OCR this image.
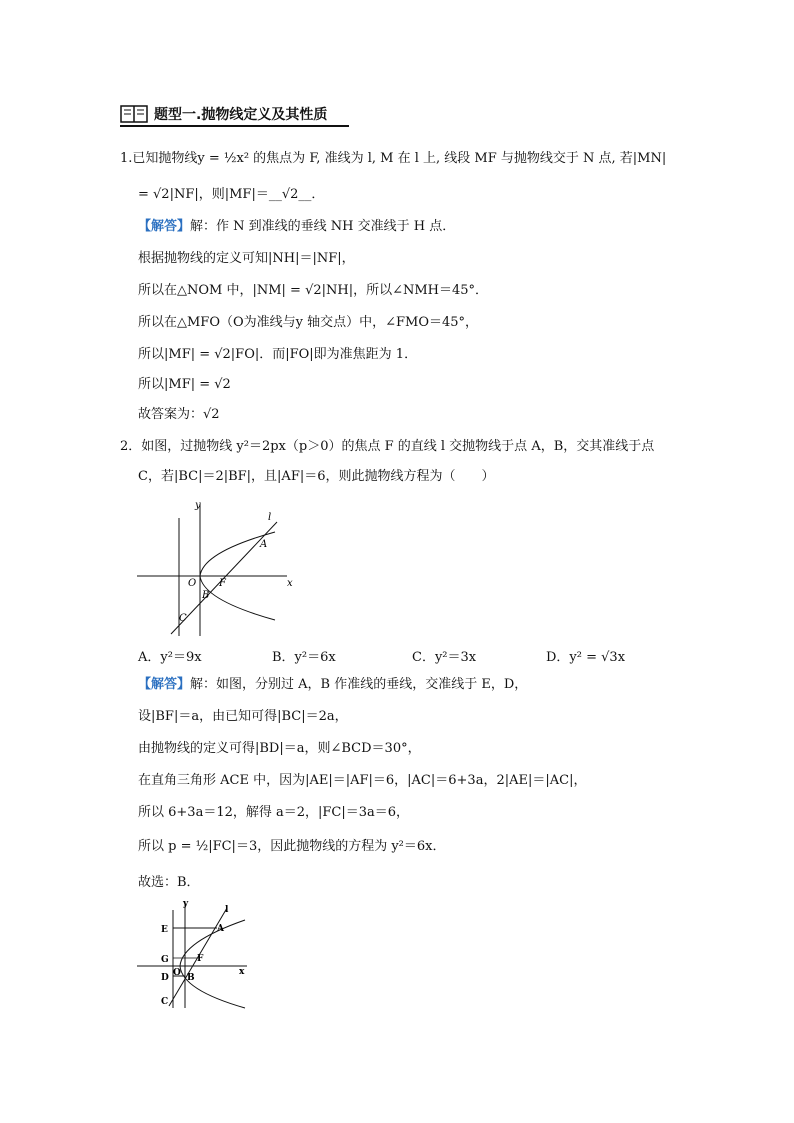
题型一.抛物线定义及其性质
1.已知抛物线y = ½x² 的焦点为 F, 准线为 l, M 在 l 上, 线段 MF 与抛物线交于 N 点, 若|MN|
= √2|NF|，则|MF|＝__√2__．
【解答】解：作 N 到准线的垂线 NH 交准线于 H 点．
根据抛物线的定义可知|NH|＝|NF|，
所以在△NOM 中，|NM| = √2|NH|，所以∠NMH＝45°．
所以在△MFO（O为准线与y 轴交点）中，∠FMO＝45°，
所以|MF| = √2|FO|．而|FO|即为准焦距为 1．
所以|MF| = √2
故答案为：√2
2．如图，过抛物线 y²＝2px（p＞0）的焦点 F 的直线 l 交抛物线于点 A，B，交其准线于点
C，若|BC|＝2|BF|，且|AF|＝6，则此抛物线方程为（　　）
y
x
l
A
O F
B
C
A．y²＝9x	B．y²＝6x	C．y²＝3x	D．y² = √3x
【解答】解：如图，分别过 A，B 作准线的垂线，交准线于 E，D，
设|BF|＝a，由已知可得|BC|＝2a，
由抛物线的定义可得|BD|＝a，则∠BCD＝30°，
在直角三角形 ACE 中，因为|AE|＝|AF|＝6，|AC|＝6+3a，2|AE|＝|AC|，
所以 6+3a＝12，解得 a＝2，|FC|＝3a＝6，
所以 p = ½|FC|＝3，因此抛物线的方程为 y²＝6x．
故选：B．
y
x
l
A
E
G	F
D O B
C
